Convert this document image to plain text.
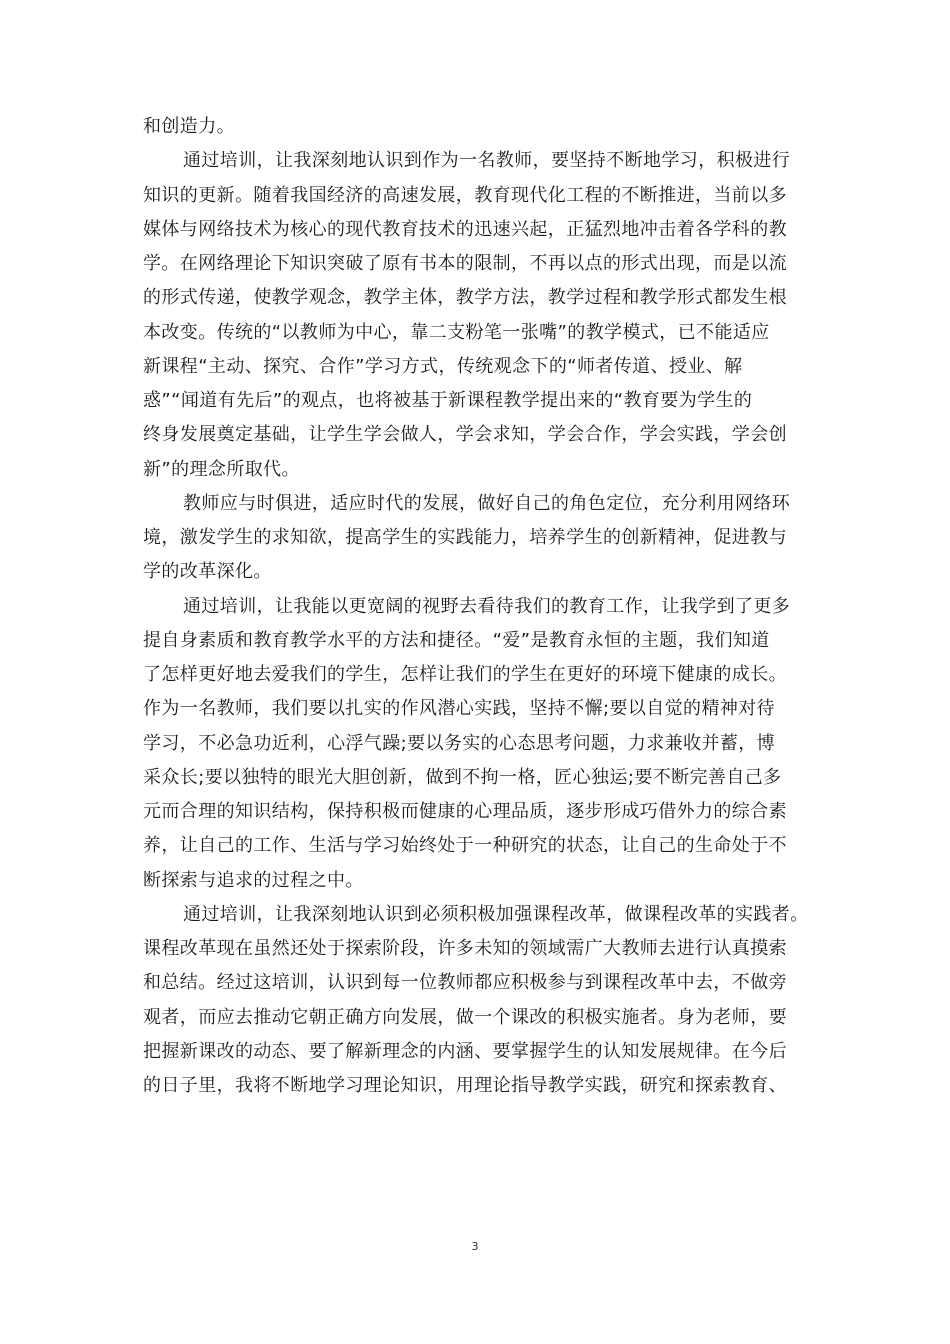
和创造力。
通过培训，让我深刻地认识到作为一名教师，要坚持不断地学习，积极进行
知识的更新。随着我国经济的高速发展，教育现代化工程的不断推进，当前以多
媒体与网络技术为核心的现代教育技术的迅速兴起，正猛烈地冲击着各学科的教
学。在网络理论下知识突破了原有书本的限制，不再以点的形式出现，而是以流
的形式传递，使教学观念，教学主体，教学方法，教学过程和教学形式都发生根
本改变。传统的“以教师为中心，靠二支粉笔一张嘴”的教学模式，已不能适应
新课程“主动、探究、合作”学习方式，传统观念下的“师者传道、授业、解
惑”“闻道有先后”的观点，也将被基于新课程教学提出来的“教育要为学生的
终身发展奠定基础，让学生学会做人，学会求知，学会合作，学会实践，学会创
新”的理念所取代。
教师应与时俱进，适应时代的发展，做好自己的角色定位，充分利用网络环
境，激发学生的求知欲，提高学生的实践能力，培养学生的创新精神，促进教与
学的改革深化。
通过培训，让我能以更宽阔的视野去看待我们的教育工作，让我学到了更多
提自身素质和教育教学水平的方法和捷径。“爱”是教育永恒的主题，我们知道
了怎样更好地去爱我们的学生，怎样让我们的学生在更好的环境下健康的成长。
作为一名教师，我们要以扎实的作风潜心实践，坚持不懈;要以自觉的精神对待
学习，不必急功近利，心浮气躁;要以务实的心态思考问题，力求兼收并蓄，博
采众长;要以独特的眼光大胆创新，做到不拘一格，匠心独运;要不断完善自己多
元而合理的知识结构，保持积极而健康的心理品质，逐步形成巧借外力的综合素
养，让自己的工作、生活与学习始终处于一种研究的状态，让自己的生命处于不
断探索与追求的过程之中。
通过培训，让我深刻地认识到必须积极加强课程改革，做课程改革的实践者。
课程改革现在虽然还处于探索阶段，许多未知的领域需广大教师去进行认真摸索
和总结。经过这培训，认识到每一位教师都应积极参与到课程改革中去，不做旁
观者，而应去推动它朝正确方向发展，做一个课改的积极实施者。身为老师，要
把握新课改的动态、要了解新理念的内涵、要掌握学生的认知发展规律。在今后
的日子里，我将不断地学习理论知识，用理论指导教学实践，研究和探索教育、
3
